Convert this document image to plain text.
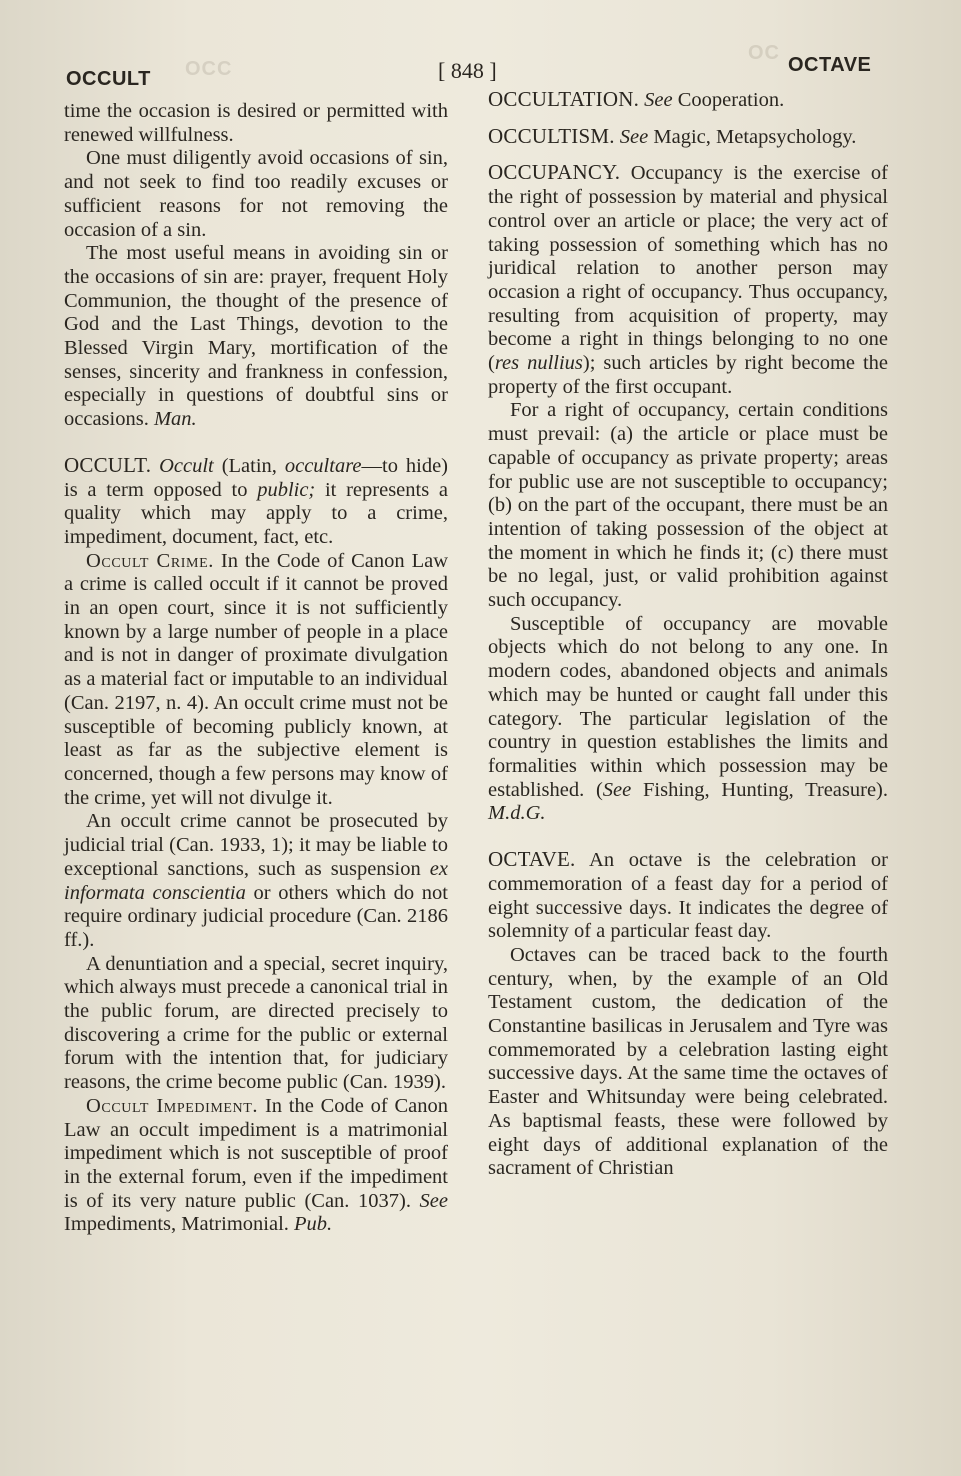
OCC
OC
OCCULT	[ 848 ]	OCTAVE

time the occasion is desired or permitted with renewed willfulness.

One must diligently avoid occasions of sin, and not seek to find too readily excuses or sufficient reasons for not removing the occasion of a sin.

The most useful means in avoiding sin or the occasions of sin are: prayer, frequent Holy Communion, the thought of the presence of God and the Last Things, devotion to the Blessed Virgin Mary, mortification of the senses, sincerity and frankness in confession, especially in questions of doubtful sins or occasions. Man.

OCCULT. Occult (Latin, occultare—to hide) is a term opposed to public; it represents a quality which may apply to a crime, impediment, document, fact, etc.

Occult Crime. In the Code of Canon Law a crime is called occult if it cannot be proved in an open court, since it is not sufficiently known by a large number of people in a place and is not in danger of proximate divulgation as a material fact or imputable to an individual (Can. 2197, n. 4). An occult crime must not be susceptible of becoming publicly known, at least as far as the subjective element is concerned, though a few persons may know of the crime, yet will not divulge it.

An occult crime cannot be prosecuted by judicial trial (Can. 1933, 1); it may be liable to exceptional sanctions, such as suspension ex informata conscientia or others which do not require ordinary judicial procedure (Can. 2186 ff.).

A denuntiation and a special, secret inquiry, which always must precede a canonical trial in the public forum, are directed precisely to discovering a crime for the public or external forum with the intention that, for judiciary reasons, the crime become public (Can. 1939).

Occult Impediment. In the Code of Canon Law an occult impediment is a matrimonial impediment which is not susceptible of proof in the external forum, even if the impediment is of its very nature public (Can. 1037). See Impediments, Matrimonial. Pub.

OCCULTATION. See Cooperation.

OCCULTISM. See Magic, Metapsychology.

OCCUPANCY. Occupancy is the exercise of the right of possession by material and physical control over an article or place; the very act of taking possession of something which has no juridical relation to another person may occasion a right of occupancy. Thus occupancy, resulting from acquisition of property, may become a right in things belonging to no one (res nullius); such articles by right become the property of the first occupant.

For a right of occupancy, certain conditions must prevail: (a) the article or place must be capable of occupancy as private property; areas for public use are not susceptible to occupancy; (b) on the part of the occupant, there must be an intention of taking possession of the object at the moment in which he finds it; (c) there must be no legal, just, or valid prohibition against such occupancy.

Susceptible of occupancy are movable objects which do not belong to any one. In modern codes, abandoned objects and animals which may be hunted or caught fall under this category. The particular legislation of the country in question establishes the limits and formalities within which possession may be established. (See Fishing, Hunting, Treasure). M.d.G.

OCTAVE. An octave is the celebration or commemoration of a feast day for a period of eight successive days. It indicates the degree of solemnity of a particular feast day.

Octaves can be traced back to the fourth century, when, by the example of an Old Testament custom, the dedication of the Constantine basilicas in Jerusalem and Tyre was commemorated by a celebration lasting eight successive days. At the same time the octaves of Easter and Whitsunday were being celebrated. As baptismal feasts, these were followed by eight days of additional explanation of the sacrament of Christian
